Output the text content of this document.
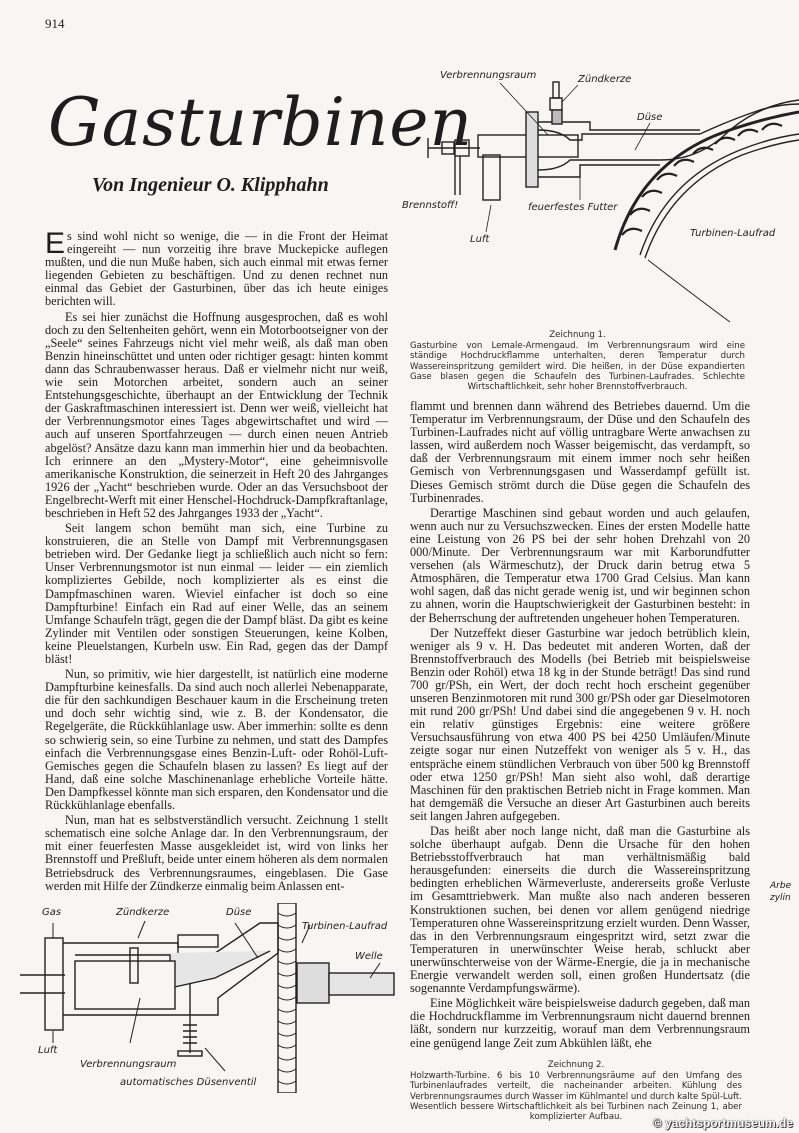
914
Gasturbinen
Von Ingenieur O. Klipphahn

Es sind wohl nicht so wenige, die — in die Front der Heimat eingereiht — nun vorzeitig ihre brave Muckepicke auflegen mußten, und die nun Muße haben, sich auch einmal mit etwas ferner liegenden Gebieten zu beschäftigen. Und zu denen rechnet nun einmal das Gebiet der Gasturbinen, über das ich heute einiges berichten will.

Es sei hier zunächst die Hoffnung ausgesprochen, daß es wohl doch zu den Seltenheiten gehört, wenn ein Motorbootseigner von der „Seele“ seines Fahrzeugs nicht viel mehr weiß, als daß man oben Benzin hineinschüttet und unten oder richtiger gesagt: hinten kommt dann das Schraubenwasser heraus. Daß er vielmehr nicht nur weiß, wie sein Motorchen arbeitet, sondern auch an seiner Entstehungsgeschichte, überhaupt an der Entwicklung der Technik der Gaskraftmaschinen interessiert ist. Denn wer weiß, vielleicht hat der Verbrennungsmotor eines Tages abgewirtschaftet und wird — auch auf unseren Sportfahrzeugen — durch einen neuen Antrieb abgelöst? Ansätze dazu kann man immerhin hier und da beobachten. Ich erinnere an den „Mystery-Motor“, eine geheimnisvolle amerikanische Konstruktion, die seinerzeit in Heft 20 des Jahrganges 1926 der „Yacht“ beschrieben wurde. Oder an das Versuchsboot der Engelbrecht-Werft mit einer Henschel-Hochdruck-Dampfkraftanlage, beschrieben in Heft 52 des Jahrganges 1933 der „Yacht“.

Seit langem schon bemüht man sich, eine Turbine zu konstruieren, die an Stelle von Dampf mit Verbrennungsgasen betrieben wird. Der Gedanke liegt ja schließlich auch nicht so fern: Unser Verbrennungsmotor ist nun einmal — leider — ein ziemlich kompliziertes Gebilde, noch komplizierter als es einst die Dampfmaschinen waren. Wieviel einfacher ist doch so eine Dampfturbine! Einfach ein Rad auf einer Welle, das an seinem Umfange Schaufeln trägt, gegen die der Dampf bläst. Da gibt es keine Zylinder mit Ventilen oder sonstigen Steuerungen, keine Kolben, keine Pleuelstangen, Kurbeln usw. Ein Rad, gegen das der Dampf bläst!

Nun, so primitiv, wie hier dargestellt, ist natürlich eine moderne Dampfturbine keinesfalls. Da sind auch noch allerlei Nebenapparate, die für den sachkundigen Beschauer kaum in die Erscheinung treten und doch sehr wichtig sind, wie z. B. der Kondensator, die Regelgeräte, die Rückkühlanlage usw. Aber immerhin: sollte es denn so schwierig sein, so eine Turbine zu nehmen, und statt des Dampfes einfach die Verbrennungsgase eines Benzin-Luft- oder Rohöl-Luft-Gemisches gegen die Schaufeln blasen zu lassen? Es liegt auf der Hand, daß eine solche Maschinenanlage erhebliche Vorteile hätte. Den Dampfkessel könnte man sich ersparen, den Kondensator und die Rückkühlanlage ebenfalls.

Nun, man hat es selbstverständlich versucht. Zeichnung 1 stellt schematisch eine solche Anlage dar. In den Verbrennungsraum, der mit einer feuerfesten Masse ausgekleidet ist, wird von links her Brennstoff und Preßluft, beide unter einem höheren als dem normalen Betriebsdruck des Verbrennungsraumes, eingeblasen. Die Gase werden mit Hilfe der Zündkerze einmalig beim Anlassen ent-

flammt und brennen dann während des Betriebes dauernd. Um die Temperatur im Verbrennungsraum, der Düse und den Schaufeln des Turbinen-Laufrades nicht auf völlig untragbare Werte anwachsen zu lassen, wird außerdem noch Wasser beigemischt, das verdampft, so daß der Verbrennungsraum mit einem immer noch sehr heißen Gemisch von Verbrennungsgasen und Wasserdampf gefüllt ist. Dieses Gemisch strömt durch die Düse gegen die Schaufeln des Turbinenrades.

Derartige Maschinen sind gebaut worden und auch gelaufen, wenn auch nur zu Versuchszwecken. Eines der ersten Modelle hatte eine Leistung von 26 PS bei der sehr hohen Drehzahl von 20 000/Minute. Der Verbrennungsraum war mit Karborundfutter versehen (als Wärmeschutz), der Druck darin betrug etwa 5 Atmosphären, die Temperatur etwa 1700 Grad Celsius. Man kann wohl sagen, daß das nicht gerade wenig ist, und wir beginnen schon zu ahnen, worin die Hauptschwierigkeit der Gasturbinen besteht: in der Beherrschung der auftretenden ungeheuer hohen Temperaturen.

Der Nutzeffekt dieser Gasturbine war jedoch betrüblich klein, weniger als 9 v. H. Das bedeutet mit anderen Worten, daß der Brennstoffverbrauch des Modells (bei Betrieb mit beispielsweise Benzin oder Rohöl) etwa 18 kg in der Stunde beträgt! Das sind rund 700 gr/PSh, ein Wert, der doch recht hoch erscheint gegenüber unseren Benzinmotoren mit rund 300 gr/PSh oder gar Dieselmotoren mit rund 200 gr/PSh! Und dabei sind die angegebenen 9 v. H. noch ein relativ günstiges Ergebnis: eine weitere größere Versuchsausführung von etwa 400 PS bei 4250 Umläufen/Minute zeigte sogar nur einen Nutzeffekt von weniger als 5 v. H., das entspräche einem stündlichen Verbrauch von über 500 kg Brennstoff oder etwa 1250 gr/PSh! Man sieht also wohl, daß derartige Maschinen für den praktischen Betrieb nicht in Frage kommen. Man hat demgemäß die Versuche an dieser Art Gasturbinen auch bereits seit langen Jahren aufgegeben.

Das heißt aber noch lange nicht, daß man die Gasturbine als solche überhaupt aufgab. Denn die Ursache für den hohen Betriebsstoffverbrauch hat man verhältnismäßig bald herausgefunden: einerseits die durch die Wassereinspritzung bedingten erheblichen Wärmeverluste, andererseits große Verluste im Gesamttriebwerk. Man mußte also nach anderen besseren Konstruktionen suchen, bei denen vor allem genügend niedrige Temperaturen ohne Wassereinspritzung erzielt wurden. Denn Wasser, das in den Verbrennungsraum eingespritzt wird, setzt zwar die Temperaturen in unerwünschter Weise herab, schluckt aber unerwünschterweise von der Wärme-Energie, die ja in mechanische Energie verwandelt werden soll, einen großen Hundertsatz (die sogenannte Verdampfungswärme).

Eine Möglichkeit wäre beispielsweise dadurch gegeben, daß man die Hochdruckflamme im Verbrennungsraum nicht dauernd brennen läßt, sondern nur kurzzeitig, worauf man dem Verbrennungsraum eine genügend lange Zeit zum Abkühlen läßt, ehe

Verbrennungsraum	Zündkerze
Düse
Brennstoff!
Luft
feuerfestes Futter
Turbinen-Laufrad
Zeichnung 1.
Gasturbine von Lemale-Armengaud. Im Verbrennungsraum wird eine ständige Hochdruckflamme unterhalten, deren Temperatur durch Wassereinspritzung gemildert wird. Die heißen, in der Düse expandierten Gase blasen gegen die Schaufeln des Turbinen-Laufrades. Schlechte Wirtschaftlichkeit, sehr hoher Brennstoffverbrauch.
Gas	Zündkerze	Düse
Turbinen-Laufrad
Welle
Luft
Verbrennungsraum
automatisches Düsenventil
Zeichnung 2.
Holzwarth-Turbine. 6 bis 10 Verbrennungsräume auf den Umfang des Turbinenlaufrades verteilt, die nacheinander arbeiten. Kühlung des Verbrennungsraumes durch Wasser im Kühlmantel und durch kalte Spül-Luft. Wesentlich bessere Wirtschaftlichkeit als bei Turbinen nach Zeinung 1, aber komplizierter Aufbau.
Arbe
zylin
© yachtsportmuseum.de
